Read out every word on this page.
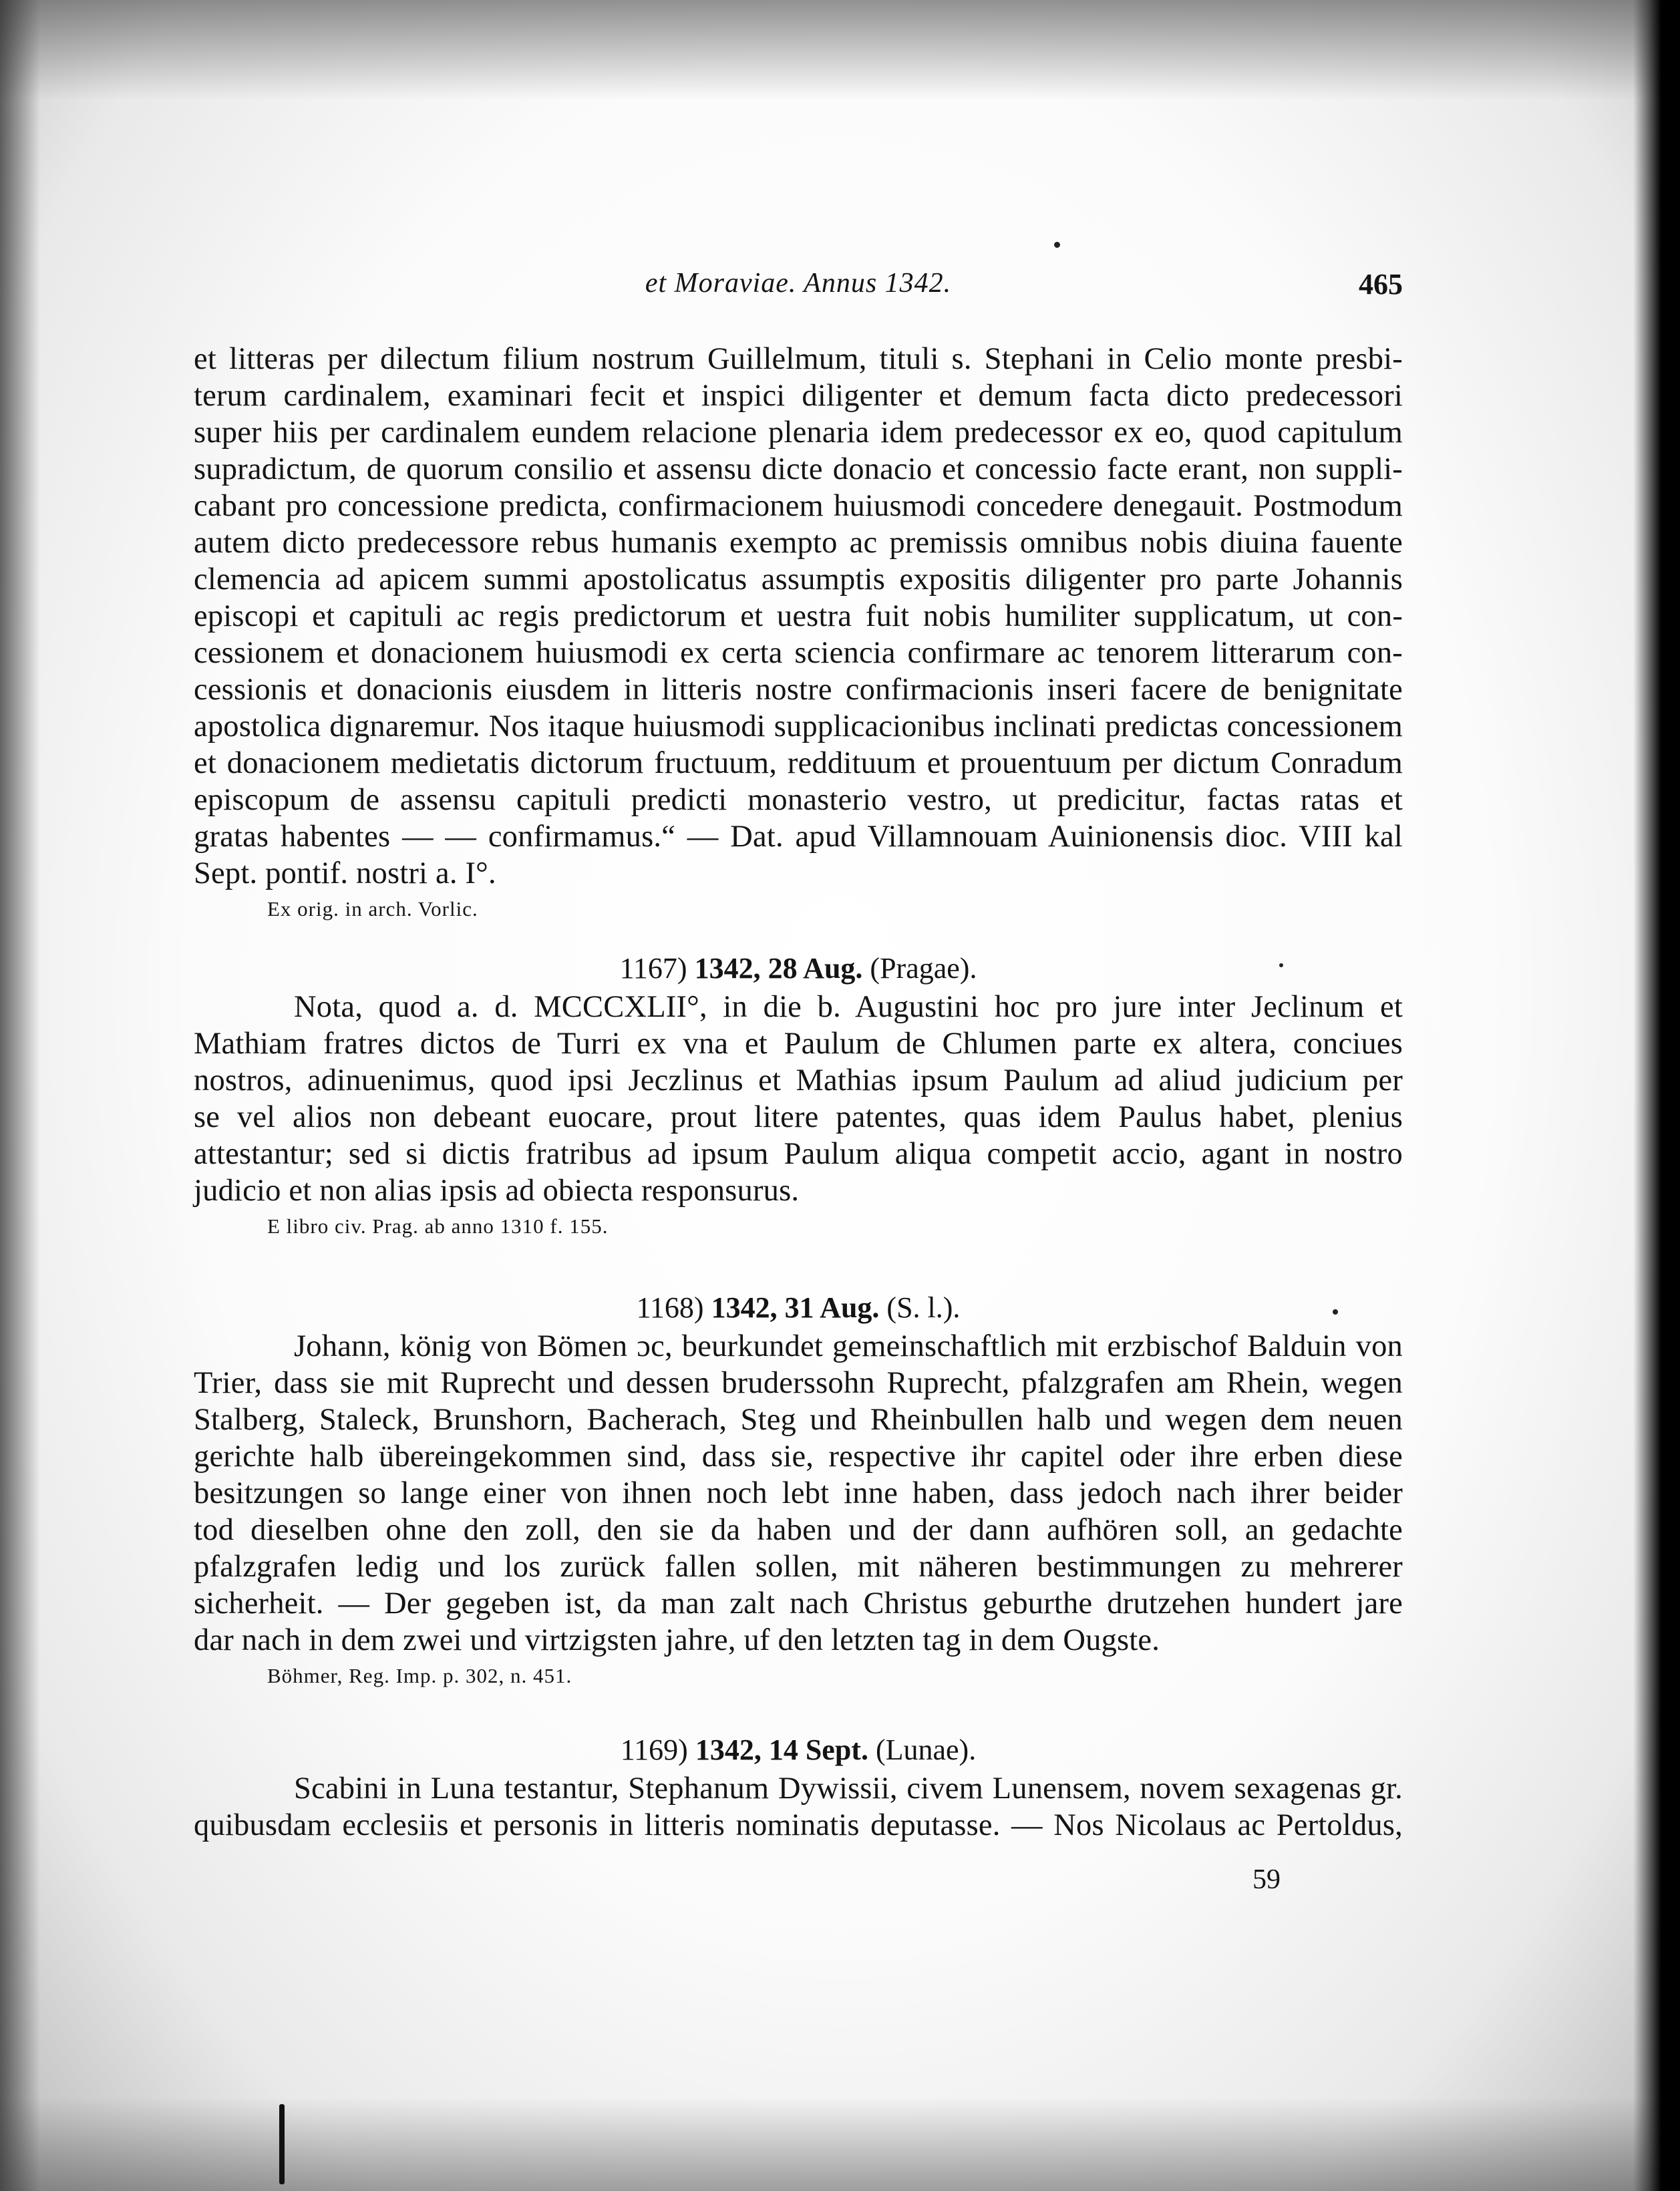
et Moraviae. Annus 1342.	465

et litteras per dilectum filium nostrum Guillelmum, tituli s. Stephani in Celio monte presbi-

terum cardinalem, examinari fecit et inspici diligenter et demum facta dicto predecessori

super hiis per cardinalem eundem relacione plenaria idem predecessor ex eo, quod capitulum

supradictum, de quorum consilio et assensu dicte donacio et concessio facte erant, non suppli-

cabant pro concessione predicta, confirmacionem huiusmodi concedere denegauit. Postmodum

autem dicto predecessore rebus humanis exempto ac premissis omnibus nobis diuina fauente

clemencia ad apicem summi apostolicatus assumptis expositis diligenter pro parte Johannis

episcopi et capituli ac regis predictorum et uestra fuit nobis humiliter supplicatum, ut con-

cessionem et donacionem huiusmodi ex certa sciencia confirmare ac tenorem litterarum con-

cessionis et donacionis eiusdem in litteris nostre confirmacionis inseri facere de benignitate

apostolica dignaremur. Nos itaque huiusmodi supplicacionibus inclinati predictas concessionem

et donacionem medietatis dictorum fructuum, reddituum et prouentuum per dictum Conradum

episcopum de assensu capituli predicti monasterio vestro, ut predicitur, factas ratas et

gratas habentes — — confirmamus.“ — Dat. apud Villamnouam Auinionensis dioc. VIII kal

Sept. pontif. nostri a. I°.

Ex orig. in arch. Vorlic.

1167) 1342, 28 Aug. (Pragae).

Nota, quod a. d. MCCCXLII°, in die b. Augustini hoc pro jure inter Jeclinum et

Mathiam fratres dictos de Turri ex vna et Paulum de Chlumen parte ex altera, conciues

nostros, adinuenimus, quod ipsi Jeczlinus et Mathias ipsum Paulum ad aliud judicium per

se vel alios non debeant euocare, prout litere patentes, quas idem Paulus habet, plenius

attestantur; sed si dictis fratribus ad ipsum Paulum aliqua competit accio, agant in nostro

judicio et non alias ipsis ad obiecta responsurus.

E libro civ. Prag. ab anno 1310 f. 155.

1168) 1342, 31 Aug. (S. l.).

Johann, könig von Bömen ɔc, beurkundet gemeinschaftlich mit erzbischof Balduin von

Trier, dass sie mit Ruprecht und dessen bruderssohn Ruprecht, pfalzgrafen am Rhein, wegen

Stalberg, Staleck, Brunshorn, Bacherach, Steg und Rheinbullen halb und wegen dem neuen

gerichte halb übereingekommen sind, dass sie, respective ihr capitel oder ihre erben diese

besitzungen so lange einer von ihnen noch lebt inne haben, dass jedoch nach ihrer beider

tod dieselben ohne den zoll, den sie da haben und der dann aufhören soll, an gedachte

pfalzgrafen ledig und los zurück fallen sollen, mit näheren bestimmungen zu mehrerer

sicherheit. — Der gegeben ist, da man zalt nach Christus geburthe drutzehen hundert jare

dar nach in dem zwei und virtzigsten jahre, uf den letzten tag in dem Ougste.

Böhmer, Reg. Imp. p. 302, n. 451.

1169) 1342, 14 Sept. (Lunae).

Scabini in Luna testantur, Stephanum Dywissii, civem Lunensem, novem sexagenas gr.

quibusdam ecclesiis et personis in litteris nominatis deputasse. — Nos Nicolaus ac Pertoldus,

59
